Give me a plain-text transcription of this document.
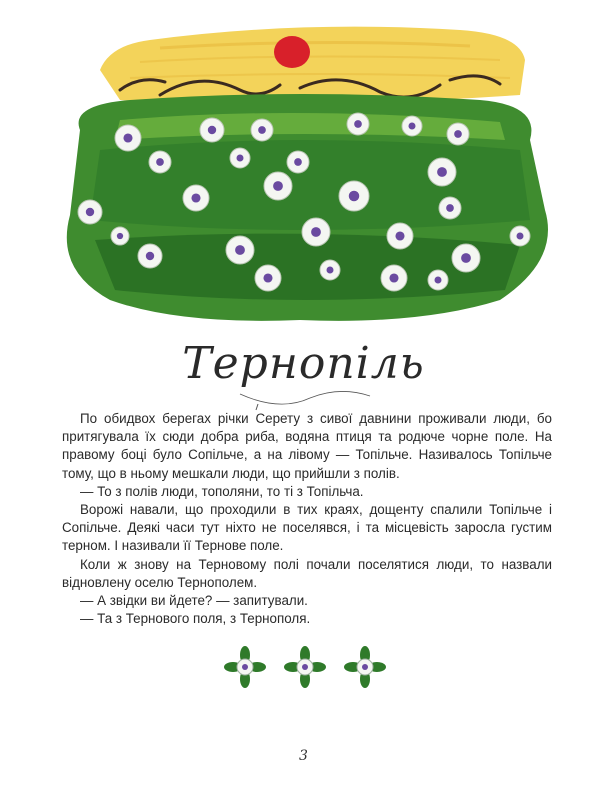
Тернопіль

По обидвох берегах річки Серету з сивої давнини проживали люди, бо притягувала їх сюди добра риба, водяна птиця та родюче чорне поле. На правому боці було Сопільче, а на лівому — Топільче. Називалось Топільче тому, що в ньому мешкали люди, що прийшли з полів.

— То з полів люди, тополяни, то ті з Топільча.

Ворожі навали, що проходили в тих краях, дощенту спалили Топільче і Сопільче. Деякі часи тут ніхто не поселявся, і та місцевість заросла густим терном. І називали її Тернове поле.

Коли ж знову на Терновому полі почали поселятися люди, то назвали відновлену оселю Тернополем.

— А звідки ви йдете? — запитували.

— Та з Тернового поля, з Тернополя.

3
